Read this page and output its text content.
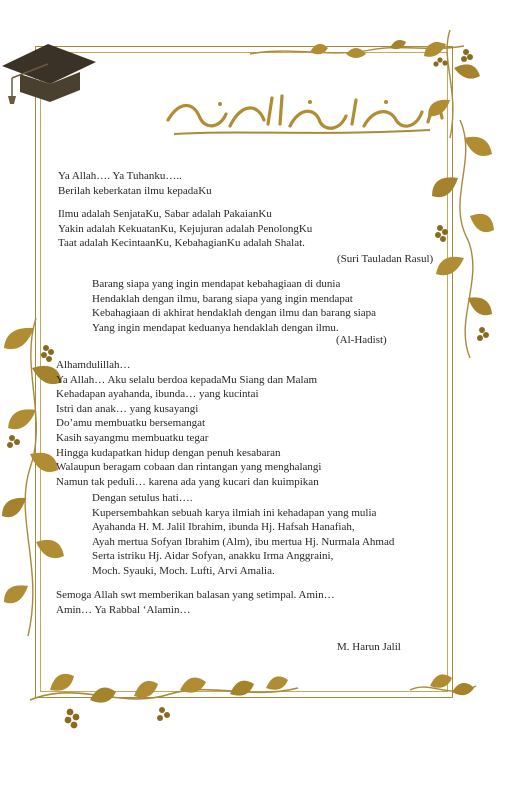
Ya Allah…. Ya Tuhanku…..
Berilah keberkatan ilmu kepadaKu
Ilmu adalah SenjataKu, Sabar adalah PakaianKu
Yakin adalah KekuatanKu, Kejujuran adalah PenolongKu
Taat adalah KecintaanKu, KebahagianKu adalah Shalat.
(Suri Tauladan Rasul)
Barang siapa yang ingin mendapat kebahagiaan di dunia
Hendaklah dengan ilmu, barang siapa yang ingin mendapat
Kebahagiaan di akhirat hendaklah dengan ilmu dan barang siapa
Yang ingin mendapat keduanya hendaklah dengan ilmu.
(Al-Hadist)
Alhamdulillah…
Ya Allah… Aku selalu berdoa kepadaMu Siang dan Malam
Kehadapan ayahanda, ibunda… yang kucintai
Istri dan anak… yang kusayangi
Do’amu membuatku bersemangat
Kasih sayangmu membuatku tegar
Hingga kudapatkan hidup dengan penuh kesabaran
Walaupun beragam cobaan dan rintangan yang menghalangi
Namun tak peduli… karena ada yang kucari dan kuimpikan
Dengan setulus hati….
Kupersembahkan sebuah karya ilmiah ini kehadapan yang mulia
Ayahanda H. M. Jalil Ibrahim, ibunda Hj. Hafsah Hanafiah,
Ayah mertua Sofyan Ibrahim (Alm), ibu mertua Hj. Nurmala Ahmad
Serta istriku Hj. Aidar Sofyan, anakku Irma Anggraini,
Moch. Syauki, Moch. Lufti, Arvi Amalia.
Semoga Allah swt memberikan balasan yang setimpal. Amin…
Amin… Ya Rabbal ‘Alamin…
M. Harun Jalil
